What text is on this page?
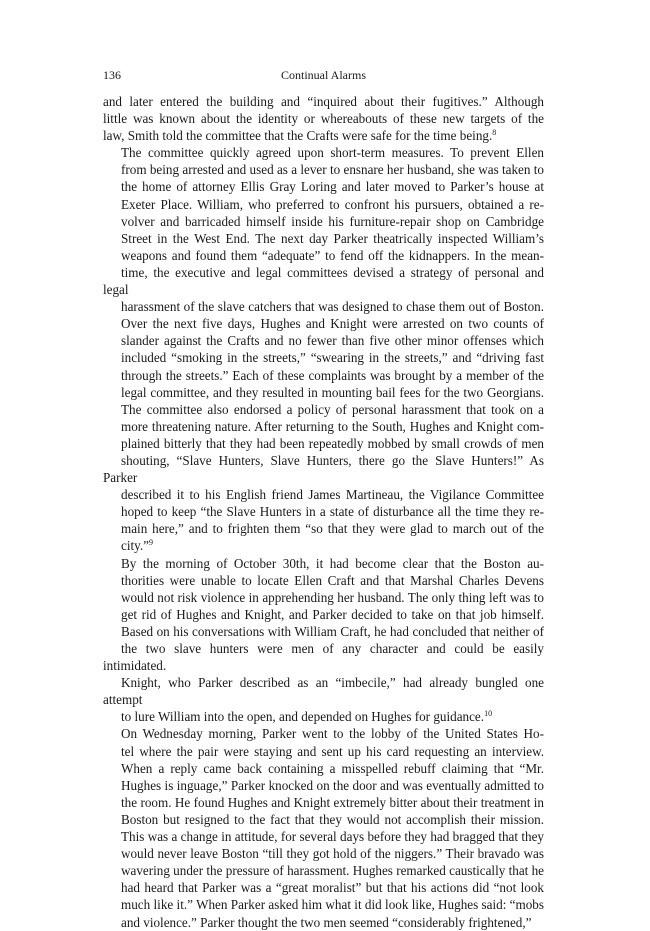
136	Continual Alarms

and later entered the building and “inquired about their fugitives.” Although
little was known about the identity or whereabouts of these new targets of the
law, Smith told the committee that the Crafts were safe for the time being.$^8$

The committee quickly agreed upon short-term measures. To prevent Ellen
from being arrested and used as a lever to ensnare her husband, she was taken to
the home of attorney Ellis Gray Loring and later moved to Parker’s house at
Exeter Place. William, who preferred to confront his pursuers, obtained a re-
volver and barricaded himself inside his furniture-repair shop on Cambridge
Street in the West End. The next day Parker theatrically inspected William’s
weapons and found them “adequate” to fend off the kidnappers. In the mean-
time, the executive and legal committees devised a strategy of personal and legal
harassment of the slave catchers that was designed to chase them out of Boston.
Over the next five days, Hughes and Knight were arrested on two counts of
slander against the Crafts and no fewer than five other minor offenses which
included “smoking in the streets,” “swearing in the streets,” and “driving fast
through the streets.” Each of these complaints was brought by a member of the
legal committee, and they resulted in mounting bail fees for the two Georgians.
The committee also endorsed a policy of personal harassment that took on a
more threatening nature. After returning to the South, Hughes and Knight com-
plained bitterly that they had been repeatedly mobbed by small crowds of men
shouting, “Slave Hunters, Slave Hunters, there go the Slave Hunters!” As Parker
described it to his English friend James Martineau, the Vigilance Committee
hoped to keep “the Slave Hunters in a state of disturbance all the time they re-
main here,” and to frighten them “so that they were glad to march out of the
city.”$^9$

By the morning of October 30th, it had become clear that the Boston au-
thorities were unable to locate Ellen Craft and that Marshal Charles Devens
would not risk violence in apprehending her husband. The only thing left was to
get rid of Hughes and Knight, and Parker decided to take on that job himself.
Based on his conversations with William Craft, he had concluded that neither of
the two slave hunters were men of any character and could be easily intimidated.
Knight, who Parker described as an “imbecile,” had already bungled one attempt
to lure William into the open, and depended on Hughes for guidance.$^{10}$

On Wednesday morning, Parker went to the lobby of the United States Ho-
tel where the pair were staying and sent up his card requesting an interview.
When a reply came back containing a misspelled rebuff claiming that “Mr.
Hughes is inguage,” Parker knocked on the door and was eventually admitted to
the room. He found Hughes and Knight extremely bitter about their treatment in
Boston but resigned to the fact that they would not accomplish their mission.
This was a change in attitude, for several days before they had bragged that they
would never leave Boston “till they got hold of the niggers.” Their bravado was
wavering under the pressure of harassment. Hughes remarked caustically that he
had heard that Parker was a “great moralist” but that his actions did “not look
much like it.” When Parker asked him what it did look like, Hughes said: “mobs
and violence.” Parker thought the two men seemed “considerably frightened,”
